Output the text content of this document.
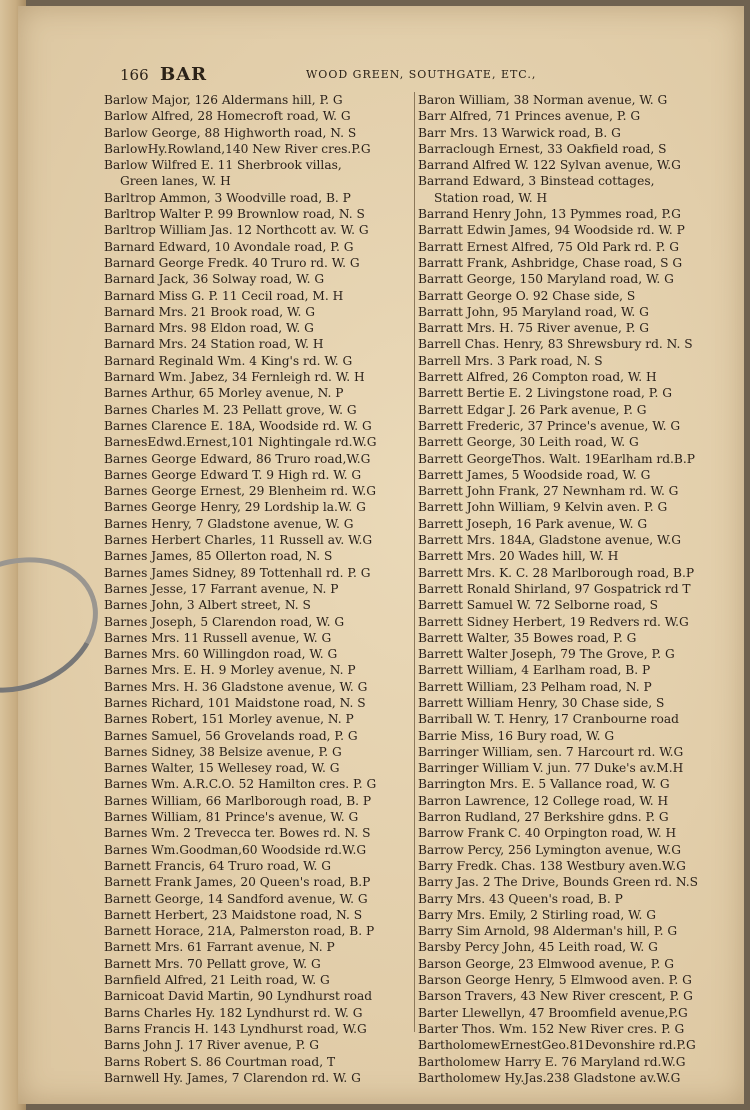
166 BAR	WOOD GREEN, SOUTHGATE, ETC.,
Barlow Major, 126 Aldermans hill, P. G
Barlow Alfred, 28 Homecroft road, W. G
Barlow George, 88 Highworth road, N. S
BarlowHy.Rowland,140 New River cres.P.G
Barlow Wilfred E. 11 Sherbrook villas,
Green lanes, W. H
Barltrop Ammon, 3 Woodville road, B. P
Barltrop Walter P. 99 Brownlow road, N. S
Barltrop William Jas. 12 Northcott av. W. G
Barnard Edward, 10 Avondale road, P. G
Barnard George Fredk. 40 Truro rd. W. G
Barnard Jack, 36 Solway road, W. G
Barnard Miss G. P. 11 Cecil road, M. H
Barnard Mrs. 21 Brook road, W. G
Barnard Mrs. 98 Eldon road, W. G
Barnard Mrs. 24 Station road, W. H
Barnard Reginald Wm. 4 King's rd. W. G
Barnard Wm. Jabez, 34 Fernleigh rd. W. H
Barnes Arthur, 65 Morley avenue, N. P
Barnes Charles M. 23 Pellatt grove, W. G
Barnes Clarence E. 18A, Woodside rd. W. G
BarnesEdwd.Ernest,101 Nightingale rd.W.G
Barnes George Edward, 86 Truro road,W.G
Barnes George Edward T. 9 High rd. W. G
Barnes George Ernest, 29 Blenheim rd. W.G
Barnes George Henry, 29 Lordship la.W. G
Barnes Henry, 7 Gladstone avenue, W. G
Barnes Herbert Charles, 11 Russell av. W.G
Barnes James, 85 Ollerton road, N. S
Barnes James Sidney, 89 Tottenhall rd. P. G
Barnes Jesse, 17 Farrant avenue, N. P
Barnes John, 3 Albert street, N. S
Barnes Joseph, 5 Clarendon road, W. G
Barnes Mrs. 11 Russell avenue, W. G
Barnes Mrs. 60 Willingdon road, W. G
Barnes Mrs. E. H. 9 Morley avenue, N. P
Barnes Mrs. H. 36 Gladstone avenue, W. G
Barnes Richard, 101 Maidstone road, N. S
Barnes Robert, 151 Morley avenue, N. P
Barnes Samuel, 56 Grovelands road, P. G
Barnes Sidney, 38 Belsize avenue, P. G
Barnes Walter, 15 Wellesey road, W. G
Barnes Wm. A.R.C.O. 52 Hamilton cres. P. G
Barnes William, 66 Marlborough road, B. P
Barnes William, 81 Prince's avenue, W. G
Barnes Wm. 2 Trevecca ter. Bowes rd. N. S
Barnes Wm.Goodman,60 Woodside rd.W.G
Barnett Francis, 64 Truro road, W. G
Barnett Frank James, 20 Queen's road, B.P
Barnett George, 14 Sandford avenue, W. G
Barnett Herbert, 23 Maidstone road, N. S
Barnett Horace, 21A, Palmerston road, B. P
Barnett Mrs. 61 Farrant avenue, N. P
Barnett Mrs. 70 Pellatt grove, W. G
Barnfield Alfred, 21 Leith road, W. G
Barnicoat David Martin, 90 Lyndhurst road
Barns Charles Hy. 182 Lyndhurst rd. W. G
Barns Francis H. 143 Lyndhurst road, W.G
Barns John J. 17 River avenue, P. G
Barns Robert S. 86 Courtman road, T
Barnwell Hy. James, 7 Clarendon rd. W. G
Baron William, 38 Norman avenue, W. G
Barr Alfred, 71 Princes avenue, P. G
Barr Mrs. 13 Warwick road, B. G
Barraclough Ernest, 33 Oakfield road, S
Barrand Alfred W. 122 Sylvan avenue, W.G
Barrand Edward, 3 Binstead cottages,
Station road, W. H
Barrand Henry John, 13 Pymmes road, P.G
Barratt Edwin James, 94 Woodside rd. W. P
Barratt Ernest Alfred, 75 Old Park rd. P. G
Barratt Frank, Ashbridge, Chase road, S G
Barratt George, 150 Maryland road, W. G
Barratt George O. 92 Chase side, S
Barratt John, 95 Maryland road, W. G
Barratt Mrs. H. 75 River avenue, P. G
Barrell Chas. Henry, 83 Shrewsbury rd. N. S
Barrell Mrs. 3 Park road, N. S
Barrett Alfred, 26 Compton road, W. H
Barrett Bertie E. 2 Livingstone road, P. G
Barrett Edgar J. 26 Park avenue, P. G
Barrett Frederic, 37 Prince's avenue, W. G
Barrett George, 30 Leith road, W. G
Barrett GeorgeThos. Walt. 19Earlham rd.B.P
Barrett James, 5 Woodside road, W. G
Barrett John Frank, 27 Newnham rd. W. G
Barrett John William, 9 Kelvin aven. P. G
Barrett Joseph, 16 Park avenue, W. G
Barrett Mrs. 184A, Gladstone avenue, W.G
Barrett Mrs. 20 Wades hill, W. H
Barrett Mrs. K. C. 28 Marlborough road, B.P
Barrett Ronald Shirland, 97 Gospatrick rd T
Barrett Samuel W. 72 Selborne road, S
Barrett Sidney Herbert, 19 Redvers rd. W.G
Barrett Walter, 35 Bowes road, P. G
Barrett Walter Joseph, 79 The Grove, P. G
Barrett William, 4 Earlham road, B. P
Barrett William, 23 Pelham road, N. P
Barrett William Henry, 30 Chase side, S
Barriball W. T. Henry, 17 Cranbourne road
Barrie Miss, 16 Bury road, W. G
Barringer William, sen. 7 Harcourt rd. W.G
Barringer William V. jun. 77 Duke's av.M.H
Barrington Mrs. E. 5 Vallance road, W. G
Barron Lawrence, 12 College road, W. H
Barron Rudland, 27 Berkshire gdns. P. G
Barrow Frank C. 40 Orpington road, W. H
Barrow Percy, 256 Lymington avenue, W.G
Barry Fredk. Chas. 138 Westbury aven.W.G
Barry Jas. 2 The Drive, Bounds Green rd. N.S
Barry Mrs. 43 Queen's road, B. P
Barry Mrs. Emily, 2 Stirling road, W. G
Barry Sim Arnold, 98 Alderman's hill, P. G
Barsby Percy John, 45 Leith road, W. G
Barson George, 23 Elmwood avenue, P. G
Barson George Henry, 5 Elmwood aven. P. G
Barson Travers, 43 New River crescent, P. G
Barter Llewellyn, 47 Broomfield avenue,P.G
Barter Thos. Wm. 152 New River cres. P. G
BartholomewErnestGeo.81Devonshire rd.P.G
Bartholomew Harry E. 76 Maryland rd.W.G
Bartholomew Hy.Jas.238 Gladstone av.W.G
